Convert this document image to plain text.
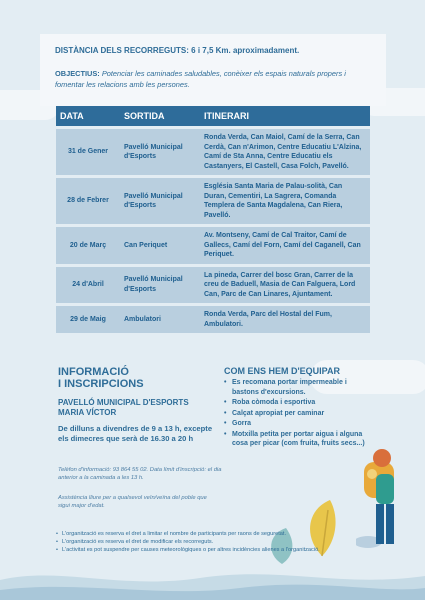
DISTÀNCIA DELS RECORREGUTS: 6 i 7,5 Km. aproximadament.
OBJECTIUS: Potenciar les caminades saludables, conèixer els espais naturals propers i fomentar les relacions amb les persones.
DATA	SORTIDA	ITINERARI
31 de Gener	Pavelló Municipal d'Esports	Ronda Verda, Can Maiol, Camí de la Serra, Can Cerdà, Can n'Arimon, Centre Educatiu L'Alzina, Camí de Sta Anna, Centre Educatiu els Castanyers, El Castell, Casa Folch, Pavelló.
28 de Febrer	Pavelló Municipal d'Esports	Església Santa Maria de Palau-solità, Can Duran, Cementiri, La Sagrera, Comanda Templera de Santa Magdalena, Can Riera, Pavelló.
20 de Març	Can Periquet	Av. Montseny, Camí de Cal Traitor, Camí de Gallecs, Camí del Forn, Camí del Caganell, Can Periquet.
24 d'Abril	Pavelló Municipal d'Esports	La pineda, Carrer del bosc Gran, Carrer de la creu de Baduell, Masia de Can Falguera, Lord Can, Parc de Can Linares, Ajuntament.
29 de Maig	Ambulatori	Ronda Verda, Parc del Hostal del Fum, Ambulatori.
INFORMACIÓ
I INSCRIPCIONS
PAVELLÓ MUNICIPAL D'ESPORTS MARIA VÍCTOR
De dilluns a divendres de 9 a 13 h, excepte els dimecres que serà de 16.30 a 20 h
Telèfon d'informació: 93 864 55 02. Data límit d'inscripció: el dia anterior a la caminada a les 13 h.
Assistència lliure per a qualsevol veïn/veïna del poble que sigui major d'edat.
COM ENS HEM D'EQUIPAR
• Es recomana portar impermeable i bastons d'excursions.
• Roba còmoda i esportiva
• Calçat apropiat per caminar
• Gorra
• Motxilla petita per portar aigua i alguna cosa per picar (com fruita, fruits secs...)
• L'organització es reserva el dret a limitar el nombre de participants per raons de seguretat.
• L'organització es reserva el dret de modificar els recorreguts.
• L'activitat es pot suspendre per causes meteorològiques o per altres incidències alienes a l'organització.
